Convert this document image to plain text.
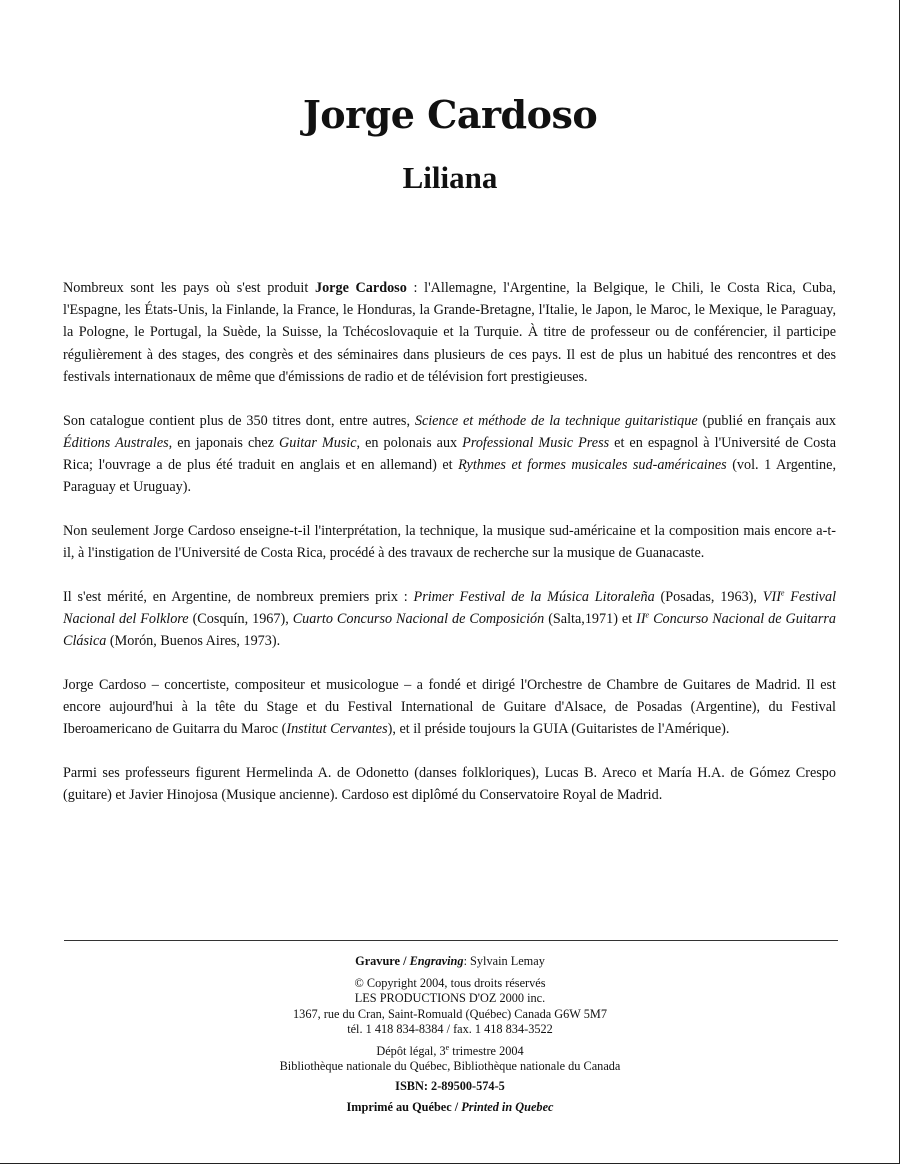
Jorge Cardoso
Liliana

Nombreux sont les pays où s'est produit Jorge Cardoso : l'Allemagne, l'Argentine, la Belgique, le Chili, le Costa Rica, Cuba, l'Espagne, les États-Unis, la Finlande, la France, le Honduras, la Grande-Bretagne, l'Italie, le Japon, le Maroc, le Mexique, le Paraguay, la Pologne, le Portugal, la Suède, la Suisse, la Tchécoslovaquie et la Turquie. À titre de professeur ou de conférencier, il participe régulièrement à des stages, des congrès et des séminaires dans plusieurs de ces pays. Il est de plus un habitué des rencontres et des festivals internationaux de même que d'émissions de radio et de télévision fort prestigieuses.

Son catalogue contient plus de 350 titres dont, entre autres, Science et méthode de la technique guitaristique (publié en français aux Éditions Australes, en japonais chez Guitar Music, en polonais aux Professional Music Press et en espagnol à l'Université de Costa Rica; l'ouvrage a de plus été traduit en anglais et en allemand) et Rythmes et formes musicales sud-américaines (vol. 1 Argentine, Paraguay et Uruguay).

Non seulement Jorge Cardoso enseigne-t-il l'interprétation, la technique, la musique sud-américaine et la composition mais encore a-t-il, à l'instigation de l'Université de Costa Rica, procédé à des travaux de recherche sur la musique de Guanacaste.

Il s'est mérité, en Argentine, de nombreux premiers prix : Primer Festival de la Música Litoraleña (Posadas, 1963), VIIe Festival Nacional del Folklore (Cosquín, 1967), Cuarto Concurso Nacional de Composición (Salta,1971) et IIe Concurso Nacional de Guitarra Clásica (Morón, Buenos Aires, 1973).

Jorge Cardoso – concertiste, compositeur et musicologue – a fondé et dirigé l'Orchestre de Chambre de Guitares de Madrid. Il est encore aujourd'hui à la tête du Stage et du Festival International de Guitare d'Alsace, de Posadas (Argentine), du Festival Iberoamericano de Guitarra du Maroc (Institut Cervantes), et il préside toujours la GUIA (Guitaristes de l'Amérique).

Parmi ses professeurs figurent Hermelinda A. de Odonetto (danses folkloriques), Lucas B. Areco et María H.A. de Gómez Crespo (guitare) et Javier Hinojosa (Musique ancienne). Cardoso est diplômé du Conservatoire Royal de Madrid.

Gravure / Engraving: Sylvain Lemay

© Copyright 2004, tous droits réservés

LES PRODUCTIONS D'OZ 2000 inc.

1367, rue du Cran, Saint-Romuald (Québec) Canada G6W 5M7

tél. 1 418 834-8384 / fax. 1 418 834-3522

Dépôt légal, 3e trimestre 2004

Bibliothèque nationale du Québec, Bibliothèque nationale du Canada

ISBN: 2-89500-574-5

Imprimé au Québec / Printed in Quebec
